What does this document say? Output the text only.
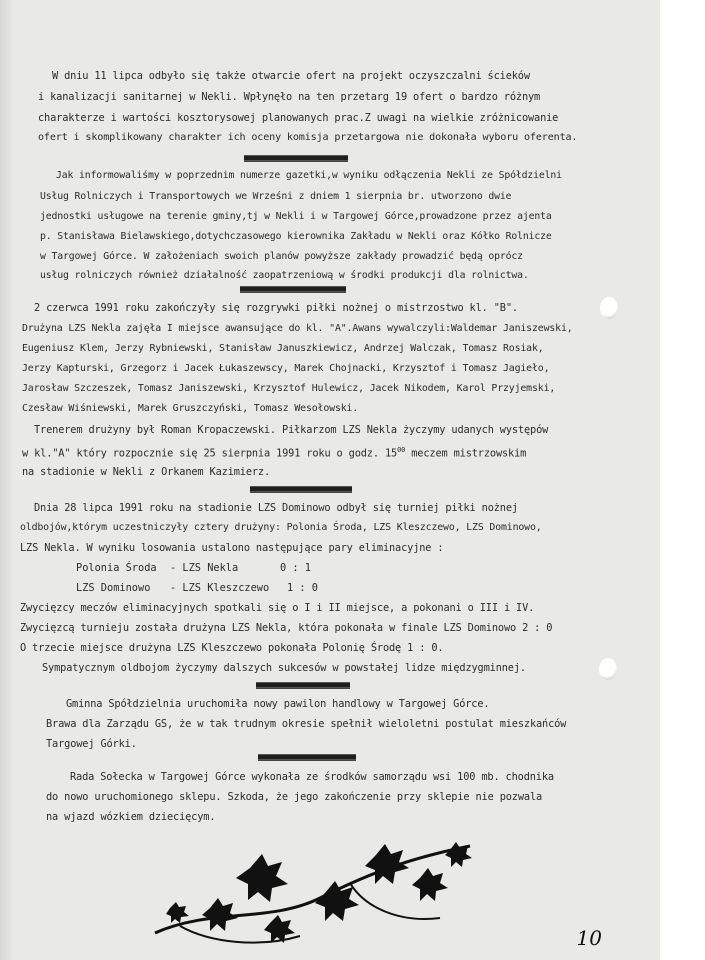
W dniu 11 lipca odbyło się także otwarcie ofert na projekt oczyszczalni ścieków
i kanalizacji sanitarnej w Nekli. Wpłynęło na ten przetarg 19 ofert o bardzo różnym
charakterze i wartości kosztorysowej planowanych prac.Z uwagi na wielkie zróżnicowanie
ofert i skomplikowany charakter ich oceny komisja przetargowa nie dokonała wyboru oferenta.
Jak informowaliśmy w poprzednim numerze gazetki,w wyniku odłączenia Nekli ze Spółdzielni
Usług Rolniczych i Transportowych we Wrześni z dniem 1 sierpnia br. utworzono dwie
jednostki usługowe na terenie gminy,tj w Nekli i w Targowej Górce,prowadzone przez ajenta
p. Stanisława Bielawskiego,dotychczasowego kierownika Zakładu w Nekli oraz Kółko Rolnicze
w Targowej Górce. W założeniach swoich planów powyższe zakłady prowadzić będą oprócz
usług rolniczych również działalność zaopatrzeniową w środki produkcji dla rolnictwa.
2 czerwca 1991 roku zakończyły się rozgrywki piłki nożnej o mistrzostwo kl. "B".
Drużyna LZS Nekla zajęła I miejsce awansujące do kl. "A".Awans wywalczyli:Waldemar Janiszewski,
Eugeniusz Klem, Jerzy Rybniewski, Stanisław Januszkiewicz, Andrzej Walczak, Tomasz Rosiak,
Jerzy Kapturski, Grzegorz i Jacek Łukaszewscy, Marek Chojnacki, Krzysztof i Tomasz Jagieło,
Jarosław Szczeszek, Tomasz Janiszewski, Krzysztof Hulewicz, Jacek Nikodem, Karol Przyjemski,
Czesław Wiśniewski, Marek Gruszczyński, Tomasz Wesołowski.
Trenerem drużyny był Roman Kropaczewski. Piłkarzom LZS Nekla życzymy udanych występów
w kl."A" który rozpocznie się 25 sierpnia 1991 roku o godz. $15^{00}$ meczem mistrzowskim
na stadionie w Nekli z Orkanem Kazimierz.
Dnia 28 lipca 1991 roku na stadionie LZS Dominowo odbył się turniej piłki nożnej
oldbojów,którym uczestniczyły cztery drużyny: Polonia Środa, LZS Kleszczewo, LZS Dominowo,
LZS Nekla. W wyniku losowania ustalono następujące pary eliminacyjne :
Polonia Środa - LZS Nekla	0 : 1
LZS Dominowo - LZS Kleszczewo 1 : 0
Zwycięzcy meczów eliminacyjnych spotkali się o I i II miejsce, a pokonani o III i IV.
Zwycięzcą turnieju została drużyna LZS Nekla, która pokonała w finale LZS Dominowo 2 : 0
O trzecie miejsce drużyna LZS Kleszczewo pokonała Polonię Środę 1 : 0.
Sympatycznym oldbojom życzymy dalszych sukcesów w powstałej lidze międzygminnej.
Gminna Spółdzielnia uruchomiła nowy pawilon handlowy w Targowej Górce.
Brawa dla Zarządu GS, że w tak trudnym okresie spełnił wieloletni postulat mieszkańców
Targowej Górki.
Rada Sołecka w Targowej Górce wykonała ze środków samorządu wsi 100 mb. chodnika
do nowo uruchomionego sklepu. Szkoda, że jego zakończenie przy sklepie nie pozwala
na wjazd wózkiem dziecięcym.
10
